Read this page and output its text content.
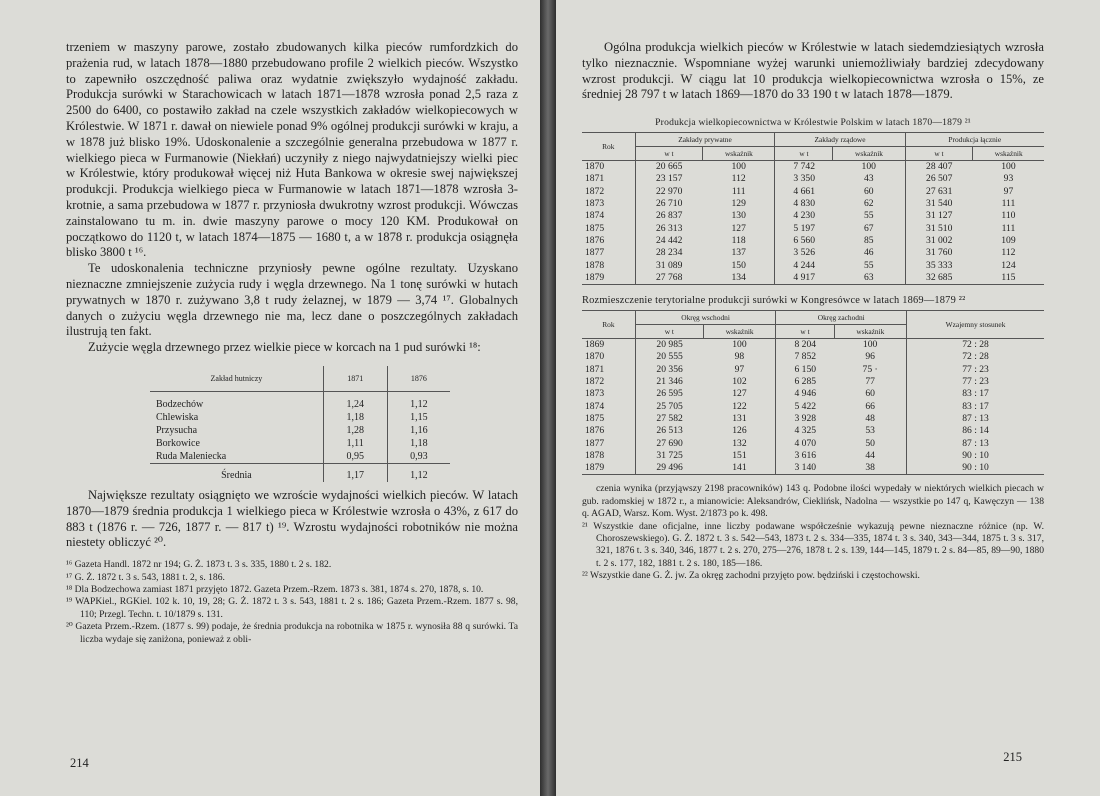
trzeniem w maszyny parowe, zostało zbudowanych kilka pieców rumfordzkich do prażenia rud, w latach 1878—1880 przebudowano profile 2 wielkich pieców. Wszystko to zapewniło oszczędność paliwa oraz wydatnie zwiększyło wydajność zakładu. Produkcja surówki w Starachowicach w latach 1871—1878 wzrosła ponad 2,5 raza z 2500 do 6400, co postawiło zakład na czele wszystkich zakładów wielkopiecowych w Królestwie. W 1871 r. dawał on niewiele ponad 9% ogólnej produkcji surówki w kraju, a w 1878 już blisko 19%. Udoskonalenie a szczególnie generalna przebudowa w 1877 r. wielkiego pieca w Furmanowie (Niekłań) uczyniły z niego najwydatniejszy wielki piec w Królestwie, który produkował więcej niż Huta Bankowa w okresie swej największej produkcji. Produkcja wielkiego pieca w Furmanowie w latach 1871—1878 wzrosła 3-krotnie, a sama przebudowa w 1877 r. przyniosła dwukrotny wzrost produkcji. Wówczas zainstalowano tu m. in. dwie maszyny parowe o mocy 120 KM. Produkował on początkowo do 1120 t, w latach 1874—1875 — 1680 t, a w 1878 r. produkcja osiągnęła blisko 3800 t ¹⁶.

Te udoskonalenia techniczne przyniosły pewne ogólne rezultaty. Uzyskano nieznaczne zmniejszenie zużycia rudy i węgla drzewnego. Na 1 tonę surówki w hutach prywatnych w 1870 r. zużywano 3,8 t rudy żelaznej, w 1879 — 3,74 ¹⁷. Globalnych danych o zużyciu węgla drzewnego nie ma, lecz dane o poszczególnych zakładach ilustrują ten fakt.

Zużycie węgla drzewnego przez wielkie piece w korcach na 1 pud surówki ¹⁸:

Zakład hutniczy	1871	1876

Bodzechów	1,24	1,12
Chlewiska	1,18	1,15
Przysucha	1,28	1,16
Borkowice	1,11	1,18
Ruda Maleniecka	0,95	0,93
Średnia	1,17	1,12

Największe rezultaty osiągnięto we wzroście wydajności wielkich pieców. W latach 1870—1879 średnia produkcja 1 wielkiego pieca w Królestwie wzrosła o 43%, z 617 do 883 t (1876 r. — 726, 1877 r. — 817 t) ¹⁹. Wzrostu wydajności robotników nie można niestety obliczyć ²⁰.

¹⁶ Gazeta Handl. 1872 nr 194; G. Ż. 1873 t. 3 s. 335, 1880 t. 2 s. 182.

¹⁷ G. Ż. 1872 t. 3 s. 543, 1881 t. 2, s. 186.

¹⁸ Dla Bodzechowa zamiast 1871 przyjęto 1872. Gazeta Przem.-Rzem. 1873 s. 381, 1874 s. 270, 1878, s. 10.

¹⁹ WAPKiel., RGKiel. 102 k. 10, 19, 28; G. Ż. 1872 t. 3 s. 543, 1881 t. 2 s. 186; Gazeta Przem.-Rzem. 1877 s. 98, 110; Przegl. Techn. t. 10/1879 s. 131.

²⁰ Gazeta Przem.-Rzem. (1877 s. 99) podaje, że średnia produkcja na robotnika w 1875 r. wynosiła 88 q surówki. Ta liczba wydaje się zaniżona, ponieważ z obli-

214

Ogólna produkcja wielkich pieców w Królestwie w latach siedemdziesiątych wzrosła tylko nieznacznie. Wspomniane wyżej warunki uniemożliwiały bardziej zdecydowany wzrost produkcji. W ciągu lat 10 produkcja wielkopiecownictwa wzrosła o 15%, ze średniej 28 797 t w latach 1869—1870 do 33 190 t w latach 1878—1879.

Produkcja wielkopiecownictwa w Królestwie Polskim w latach 1870—1879 ²¹
Rok	Zakłady prywatne		Zakłady rządowe		Produkcja łącznie	
	w t	wskaźnik	w t	wskaźnik	w t	wskaźnik
1870	20 665	100	7 742	100	28 407	100
1871	23 157	112	3 350	43	26 507	93
1872	22 970	111	4 661	60	27 631	97
1873	26 710	129	4 830	62	31 540	111
1874	26 837	130	4 230	55	31 127	110
1875	26 313	127	5 197	67	31 510	111
1876	24 442	118	6 560	85	31 002	109
1877	28 234	137	3 526	46	31 760	112
1878	31 089	150	4 244	55	35 333	124
1879	27 768	134	4 917	63	32 685	115
Rozmieszczenie terytorialne produkcji surówki w Kongresówce w latach 1869—1879 ²²
Rok	Okręg wschodni		Okręg zachodni		Wzajemny stosunek
	w t	wskaźnik	w t	wskaźnik	
1869	20 985	100	8 204	100	72 : 28
1870	20 555	98	7 852	96	72 : 28
1871	20 356	97	6 150	75 ·	77 : 23
1872	21 346	102	6 285	77	77 : 23
1873	26 595	127	4 946	60	83 : 17
1874	25 705	122	5 422	66	83 : 17
1875	27 582	131	3 928	48	87 : 13
1876	26 513	126	4 325	53	86 : 14
1877	27 690	132	4 070	50	87 : 13
1878	31 725	151	3 616	44	90 : 10
1879	29 496	141	3 140	38	90 : 10

czenia wynika (przyjąwszy 2198 pracowników) 143 q. Podobne ilości wypedały w niektórych wielkich piecach w gub. radomskiej w 1872 r., a mianowicie: Aleksandrów, Cieklińsk, Nadolna — wszystkie po 147 q, Kawęczyn — 138 q. AGAD, Warsz. Kom. Wyst. 2/1873 po k. 498.

²¹ Wszystkie dane oficjalne, inne liczby podawane współcześnie wykazują pewne nieznaczne różnice (np. W. Choroszewskiego). G. Ż. 1872 t. 3 s. 542—543, 1873 t. 2 s. 334—335, 1874 t. 3 s. 340, 343—344, 1875 t. 3 s. 317, 321, 1876 t. 3 s. 340, 346, 1877 t. 2 s. 270, 275—276, 1878 t. 2 s. 139, 144—145, 1879 t. 2 s. 84—85, 89—90, 1880 t. 2 s. 177, 182, 1881 t. 2 s. 180, 185—186.

²² Wszystkie dane G. Ż. jw. Za okręg zachodni przyjęto pow. będziński i częstochowski.

215
